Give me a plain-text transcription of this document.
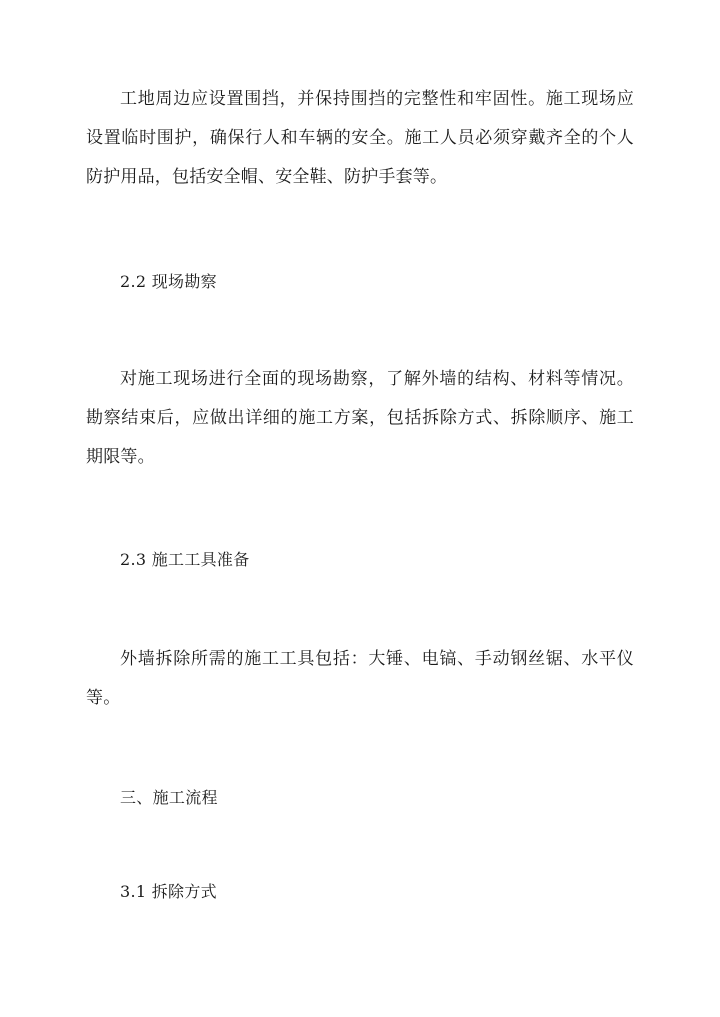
工地周边应设置围挡，并保持围挡的完整性和牢固性。施工现场应设置临时围护，确保行人和车辆的安全。施工人员必须穿戴齐全的个人防护用品，包括安全帽、安全鞋、防护手套等。

2.2 现场勘察

对施工现场进行全面的现场勘察，了解外墙的结构、材料等情况。勘察结束后，应做出详细的施工方案，包括拆除方式、拆除顺序、施工期限等。

2.3 施工工具准备

外墙拆除所需的施工工具包括：大锤、电镐、手动钢丝锯、水平仪等。

三、施工流程
3.1 拆除方式
